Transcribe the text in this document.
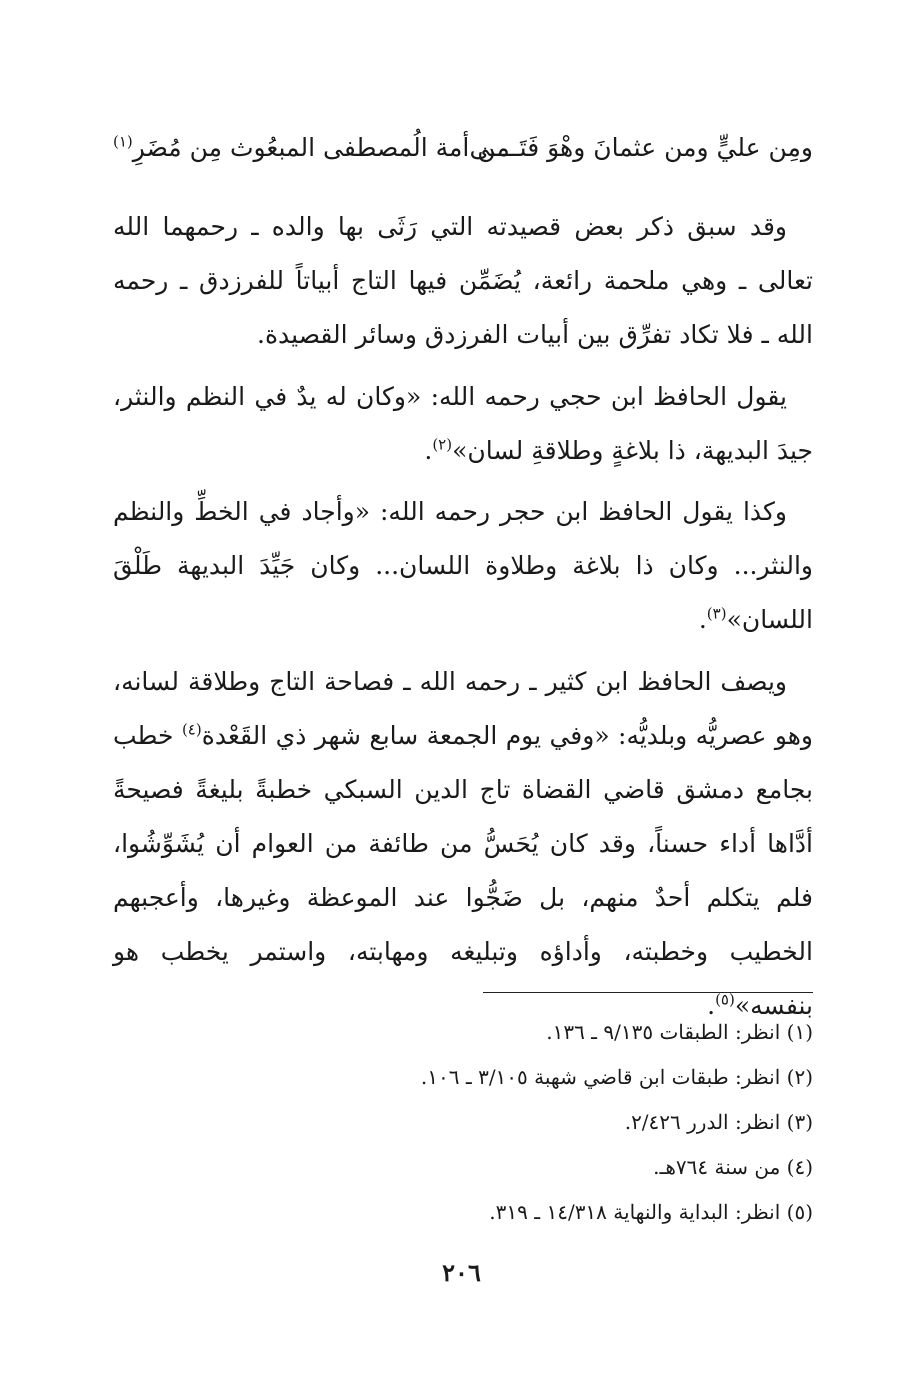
ومِن عليٍّ ومن عثمانَ وهْوَ فَتَــــى
من أمة الُمصطفى المبعُوث مِن مُضَرِ$^{(١)}$

وقد سبق ذكر بعض قصيدته التي رَثَى بها والده ـ رحمهما الله تعالى ـ وهي ملحمة رائعة، يُضَمِّن فيها التاج أبياتاً للفرزدق ـ رحمه الله ـ فلا تكاد تفرِّق بين أبيات الفرزدق وسائر القصيدة.

يقول الحافظ ابن حجي رحمه الله: «وكان له يدٌ في النظم والنثر، جيدَ البديهة، ذا بلاغةٍ وطلاقةِ لسان»$^{(٢)}$.

وكذا يقول الحافظ ابن حجر رحمه الله: «وأجاد في الخطِّ والنظم والنثر... وكان ذا بلاغة وطلاوة اللسان... وكان جَيِّدَ البديهة طَلْقَ اللسان»$^{(٣)}$.

ويصف الحافظ ابن كثير ـ رحمه الله ـ فصاحة التاج وطلاقة لسانه، وهو عصريُّه وبلديُّه: «وفي يوم الجمعة سابع شهر ذي القَعْدة$^{(٤)}$ خطب بجامع دمشق قاضي القضاة تاج الدين السبكي خطبةً بليغةً فصيحةً أدَّاها أداء حسناً، وقد كان يُحَسُّ من طائفة من العوام أن يُشَوِّشُوا، فلم يتكلم أحدٌ منهم، بل ضَجُّوا عند الموعظة وغيرها، وأعجبهم الخطيب وخطبته، وأداؤه وتبليغه ومهابته، واستمر يخطب هو بنفسه»$^{(٥)}$.

(١) انظر: الطبقات ٩/١٣٥ ـ ١٣٦.
(٢) انظر: طبقات ابن قاضي شهبة ٣/١٠٥ ـ ١٠٦.
(٣) انظر: الدرر ٢/٤٢٦.
(٤) من سنة ٧٦٤هـ.
(٥) انظر: البداية والنهاية ١٤/٣١٨ ـ ٣١٩.
٢٠٦
